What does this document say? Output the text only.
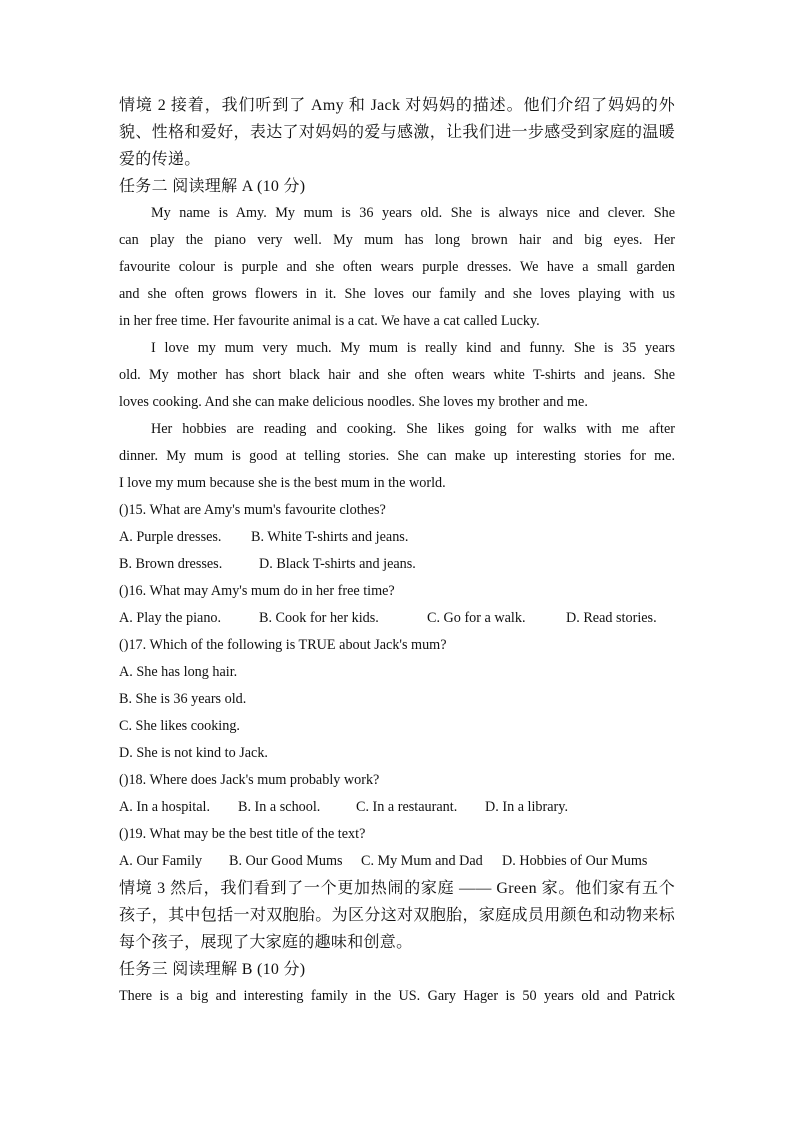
情境 2 接着，我们听到了 Amy 和 Jack 对妈妈的描述。他们介绍了妈妈的外
貌、性格和爱好，表达了对妈妈的爱与感激，让我们进一步感受到家庭的温暖
爱的传递。
任务二 阅读理解 A (10 分)
My name is Amy. My mum is 36 years old. She is always nice and clever. She
can play the piano very well. My mum has long brown hair and big eyes. Her
favourite colour is purple and she often wears purple dresses. We have a small garden
and she often grows flowers in it. She loves our family and she loves playing with us
in her free time. Her favourite animal is a cat. We have a cat called Lucky.
I love my mum very much. My mum is really kind and funny. She is 35 years
old. My mother has short black hair and she often wears white T-shirts and jeans. She
loves cooking. And she can make delicious noodles. She loves my brother and me.
Her hobbies are reading and cooking. She likes going for walks with me after
dinner. My mum is good at telling stories. She can make up interesting stories for me.
I love my mum because she is the best mum in the world.
()15. What are Amy's mum's favourite clothes?
A. Purple dresses.	B. White T-shirts and jeans.
B. Brown dresses.	D. Black T-shirts and jeans.
()16. What may Amy's mum do in her free time?
A. Play the piano.	B. Cook for her kids.	C. Go for a walk.	D. Read stories.
()17. Which of the following is TRUE about Jack's mum?
A. She has long hair.
B. She is 36 years old.
C. She likes cooking.
D. She is not kind to Jack.
()18. Where does Jack's mum probably work?
A. In a hospital.	B. In a school.	C. In a restaurant.	D. In a library.
()19. What may be the best title of the text?
A. Our Family	B. Our Good Mums	C. My Mum and Dad	D. Hobbies of Our Mums
情境 3 然后，我们看到了一个更加热闹的家庭 —— Green 家。他们家有五个
孩子，其中包括一对双胞胎。为区分这对双胞胎，家庭成员用颜色和动物来标
每个孩子，展现了大家庭的趣味和创意。
任务三 阅读理解 B (10 分)
There is a big and interesting family in the US. Gary Hager is 50 years old and Patrick
